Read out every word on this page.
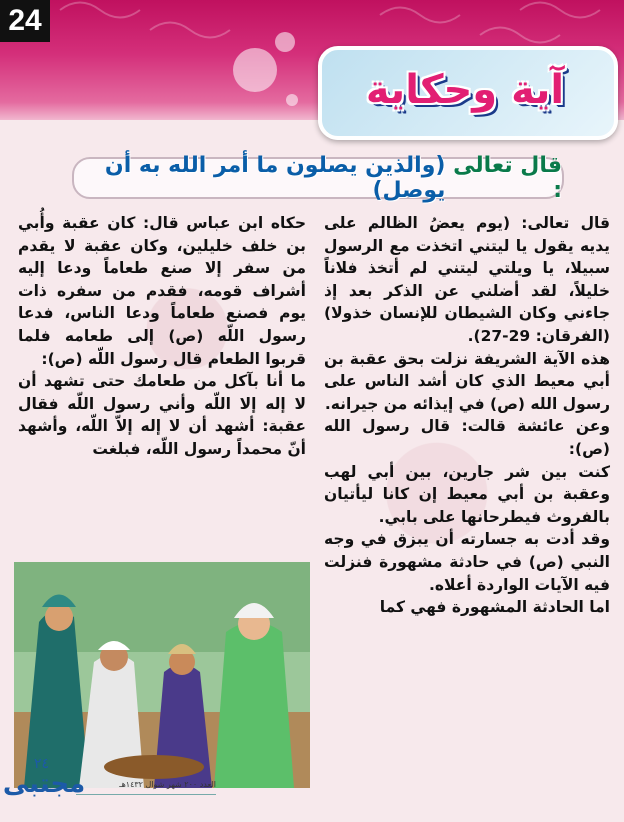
24
آية وحكاية
قال تعالى :
(والذين يصلون ما أمر الله به أن يوصل)

قال تعالى: (يوم يعضُ الظالم على يديه يقول يا ليتني اتخذت مع الرسول سبيلا، يا ويلتي ليتني لم أتخذ فلاناً خليلاً، لقد أضلني عن الذكر بعد إذ جاءني وكان الشيطان للإنسان خذولا) (الفرقان: 29-27).

هذه الآية الشريفة نزلت بحق عقبة بن أبي معيط الذي كان أشد الناس على رسول الله (ص) في إيذائه من جيرانه.

وعن عائشة قالت: قال رسول الله (ص):

كنت بين شر جارين، بين أبي لهب وعقبة بن أبي معيط إن كانا ليأتيان بالفروث فيطرحانها على بابي.

وقد أدت به جسارته أن يبزق في وجه النبي (ص) في حادثة مشهورة فنزلت فيه الآيات الواردة أعلاه.

اما الحادثة المشهورة فهي كما

حكاه ابن عباس قال: كان عقبة وأُبي بن خلف خليلين، وكان عقبة لا يقدم من سفر إلا صنع طعاماً ودعا إليه أشراف قومه، فقدم من سفره ذات يوم فصنع طعاماً ودعا الناس، فدعا رسول اللّه (ص) إلى طعامه فلما قربوا الطعام قال رسول اللّه (ص):

ما أنا بآكل من طعامك حتى تشهد أن لا إله إلا اللّه وأني رسول اللّه فقال عقبة: أشهد أن لا إله إلاّ اللّه، وأشهد أنّ محمداً رسول اللّه، فبلغت

مجتبى
٢٤
العدد ٢٠٠ شهر شوال ١٤٣٢هـ
